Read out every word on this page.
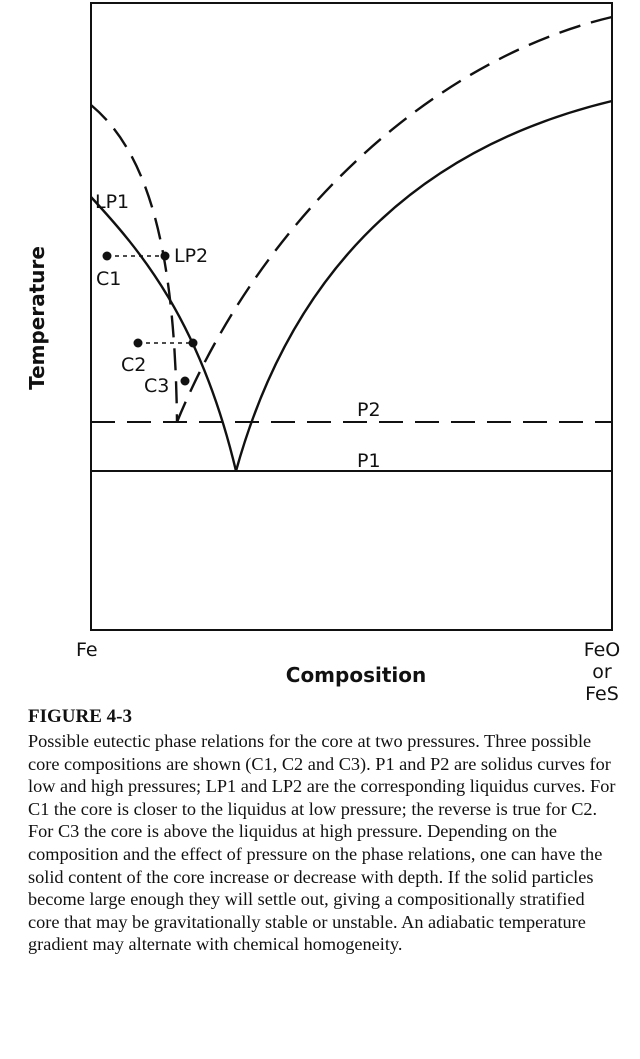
LP1
LP2
P2
P1
C1
C2
C3
Temperature
Fe
Composition
FeO
or
FeS

FIGURE 4-3

Possible eutectic phase relations for the core at two pressures. Three possible core compositions are shown (C1, C2 and C3). P1 and P2 are solidus curves for low and high pressures; LP1 and LP2 are the corresponding liquidus curves. For C1 the core is closer to the liquidus at low pressure; the reverse is true for C2. For C3 the core is above the liquidus at high pressure. Depending on the composition and the effect of pressure on the phase relations, one can have the solid content of the core increase or decrease with depth. If the solid particles become large enough they will settle out, giving a compositionally stratified core that may be gravitationally stable or unstable. An adiabatic temperature gradient may alternate with chemical homogeneity.
